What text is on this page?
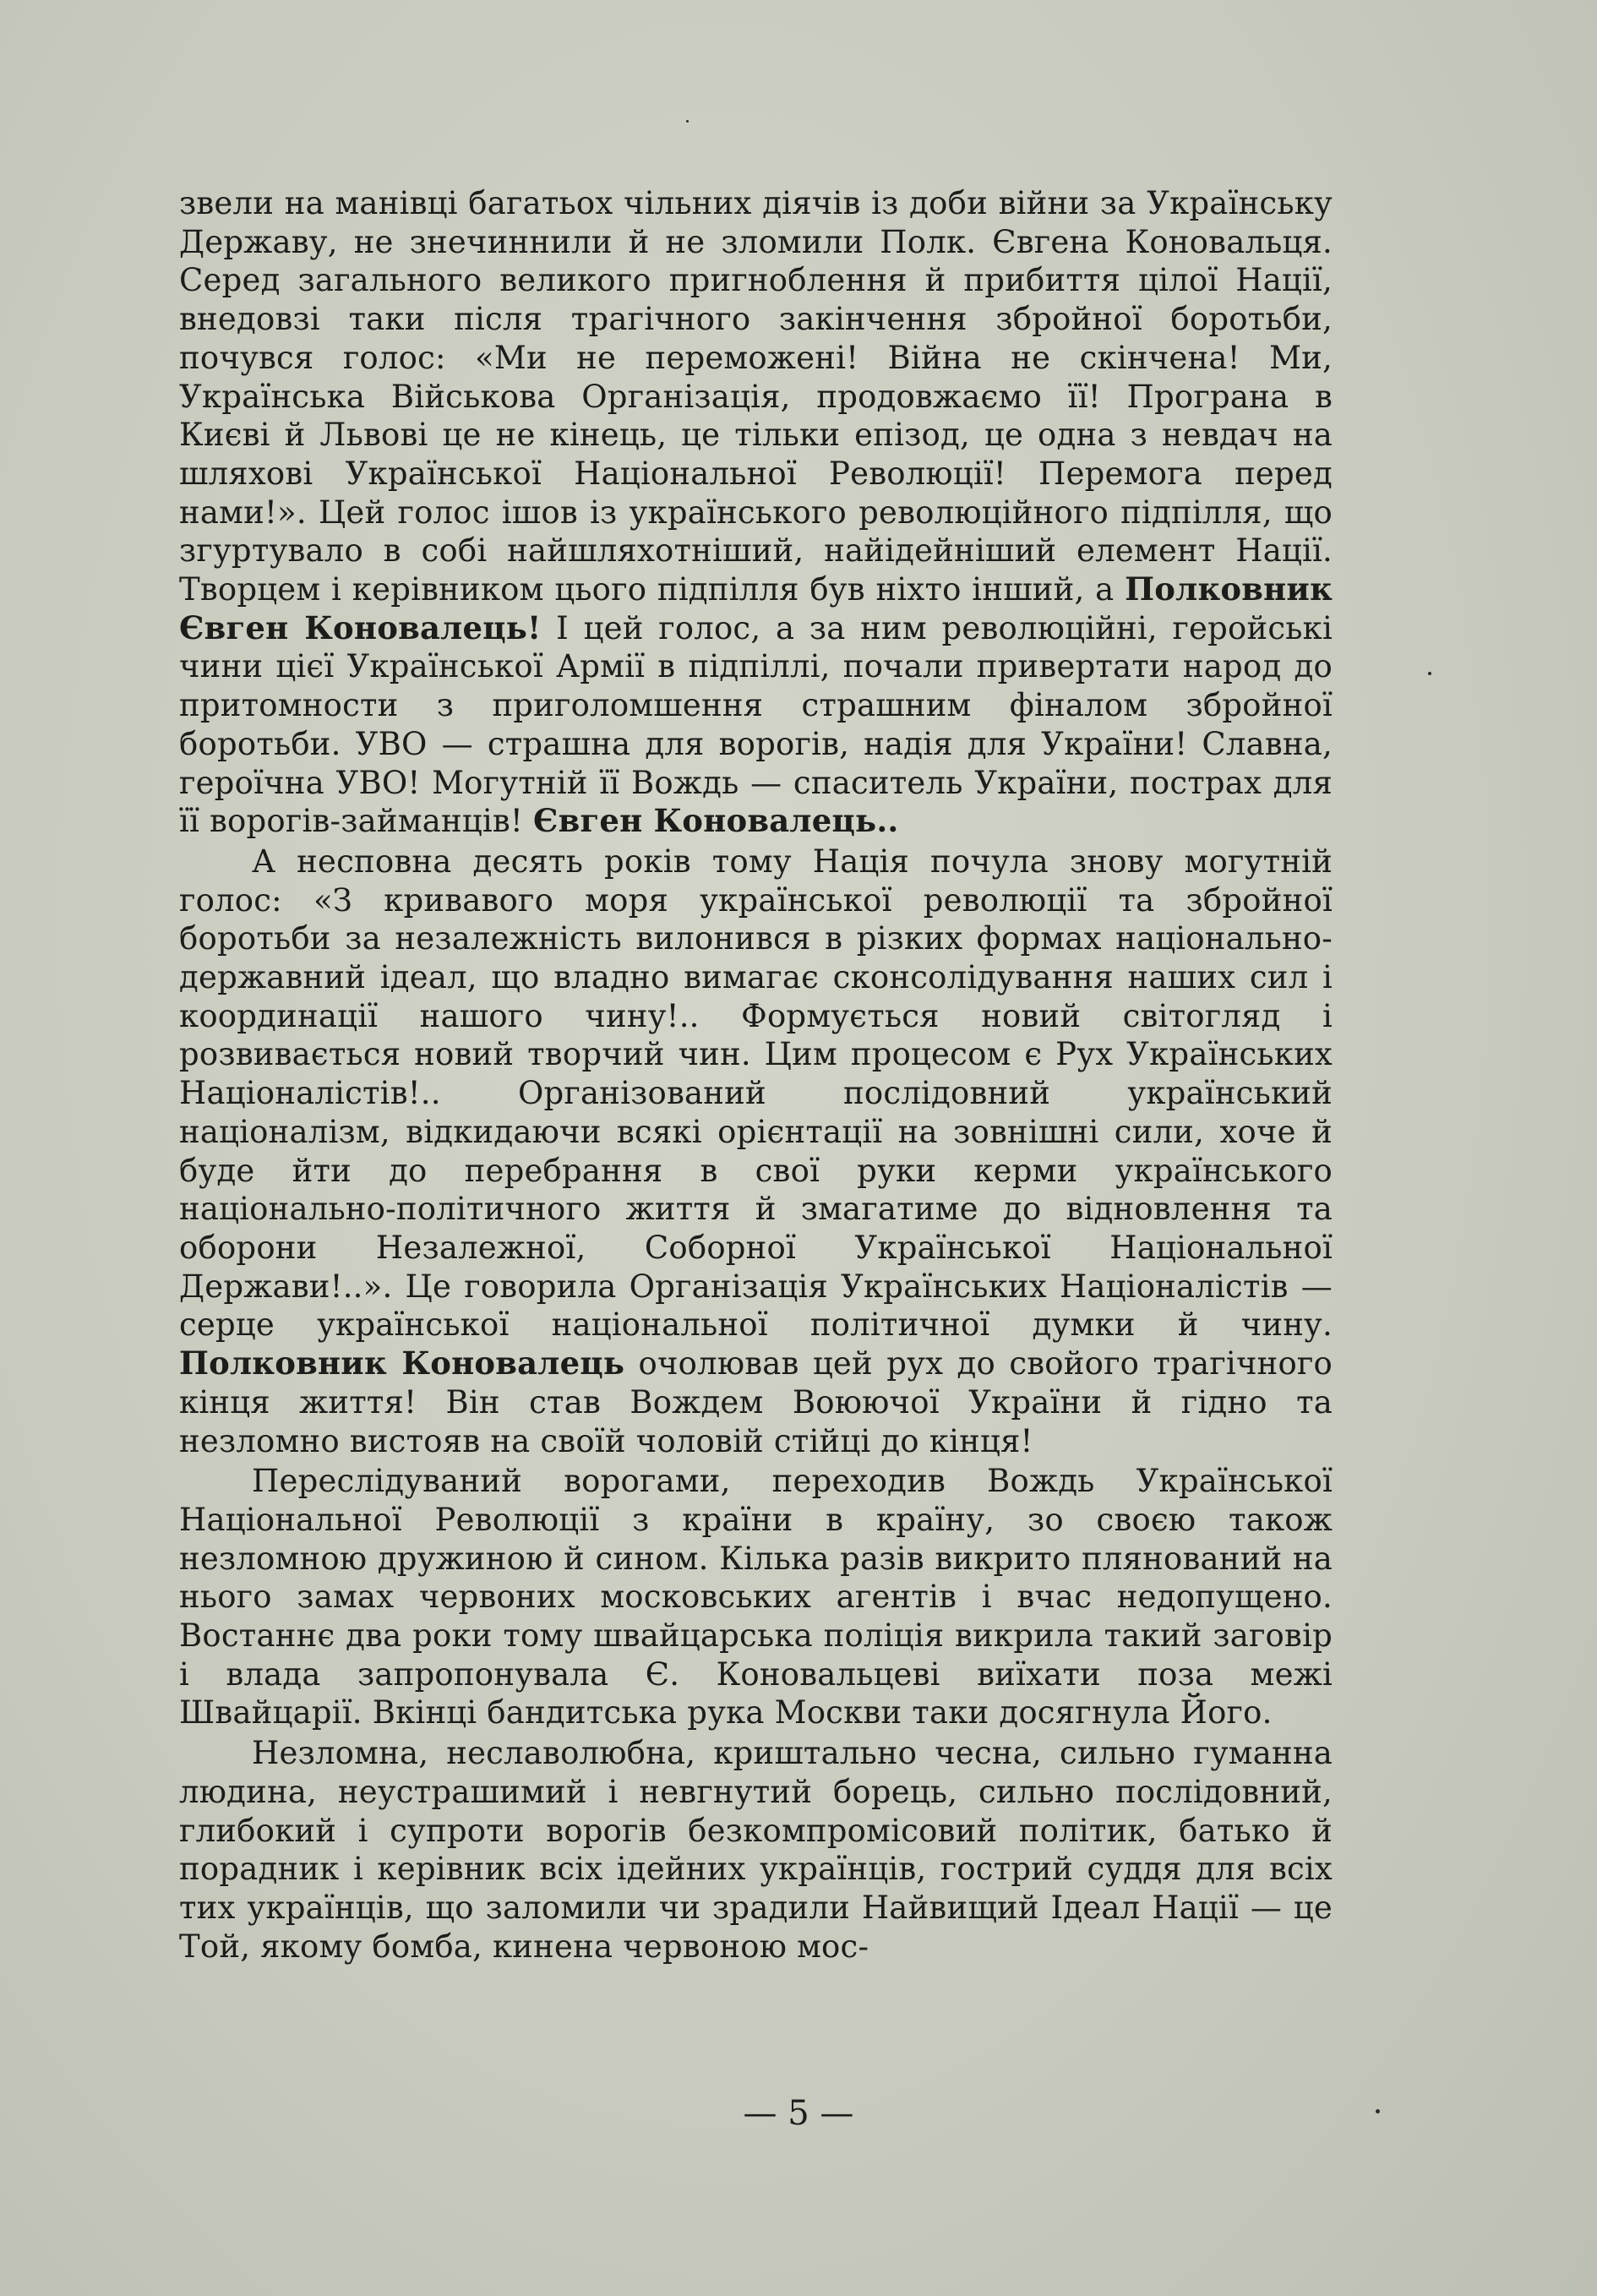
звели на манівці багатьох чільних діячів із доби війни за Українську Державу, не знечиннили й не зломили Полк. Євгена Коновальця. Серед загального великого пригноблення й прибиття цілої Нації, внедовзі таки після трагічного закінчення збройної боротьби, почувся голос: «Ми не переможені! Війна не скінчена! Ми, Українська Військова Організація, продовжаємо її! Програна в Києві й Львові це не кінець, це тільки епізод, це одна з невдач на шляхові Української Національної Революції! Перемога перед нами!». Цей голос ішов із українського революційного підпілля, що згуртувало в собі найшляхотніший, найідейніший елемент Нації. Творцем і керівником цього підпілля був ніхто інший, а Полковник Євген Коновалець! І цей голос, а за ним революційні, геройські чини цієї Української Армії в підпіллі, почали привертати народ до притомности з приголомшення страшним фіналом збройної боротьби. УВО — страшна для ворогів, надія для України! Славна, героїчна УВО! Могутній її Вождь — спаситель України, пострах для її ворогів-займанців! Євген Коновалець..

А несповна десять років тому Нація почула знову могутній голос: «З кривавого моря української революції та збройної боротьби за незалежність вилонився в різких формах національно-державний ідеал, що владно вимагає сконсолідування наших сил і координації нашого чину!.. Формується новий світогляд і розвивається новий творчий чин. Цим процесом є Рух Українських Націоналістів!.. Організований послідовний український націоналізм, відкидаючи всякі орієнтації на зовнішні сили, хоче й буде йти до перебрання в свої руки керми українського національно-політичного життя й змагатиме до відновлення та оборони Незалежної, Соборної Української Національної Держави!..». Це говорила Організація Українських Націоналістів — серце української національної політичної думки й чину. Полковник Коновалець очолював цей рух до свойого трагічного кінця життя! Він став Вождем Воюючої України й гідно та незломно вистояв на своїй чоловій стійці до кінця!

Переслідуваний ворогами, переходив Вождь Української Національної Революції з країни в країну, зо своєю також незломною дружиною й сином. Кілька разів викрито плянований на нього замах червоних московських агентів і вчас недопущено. Востаннє два роки тому швайцарська поліція викрила такий заговір і влада запропонувала Є. Коновальцеві виїхати поза межі Швайцарії. Вкінці бандитська рука Москви таки досягнула Його.

Незломна, неславолюбна, криштально чесна, сильно гуманна людина, неустрашимий і невгнутий борець, сильно послідовний, глибокий і супроти ворогів безкомпромісовий політик, батько й порадник і керівник всіх ідейних українців, гострий суддя для всіх тих українців, що заломили чи зрадили Найвищий Ідеал Нації — це Той, якому бомба, кинена червоною мос-

— 5 —
